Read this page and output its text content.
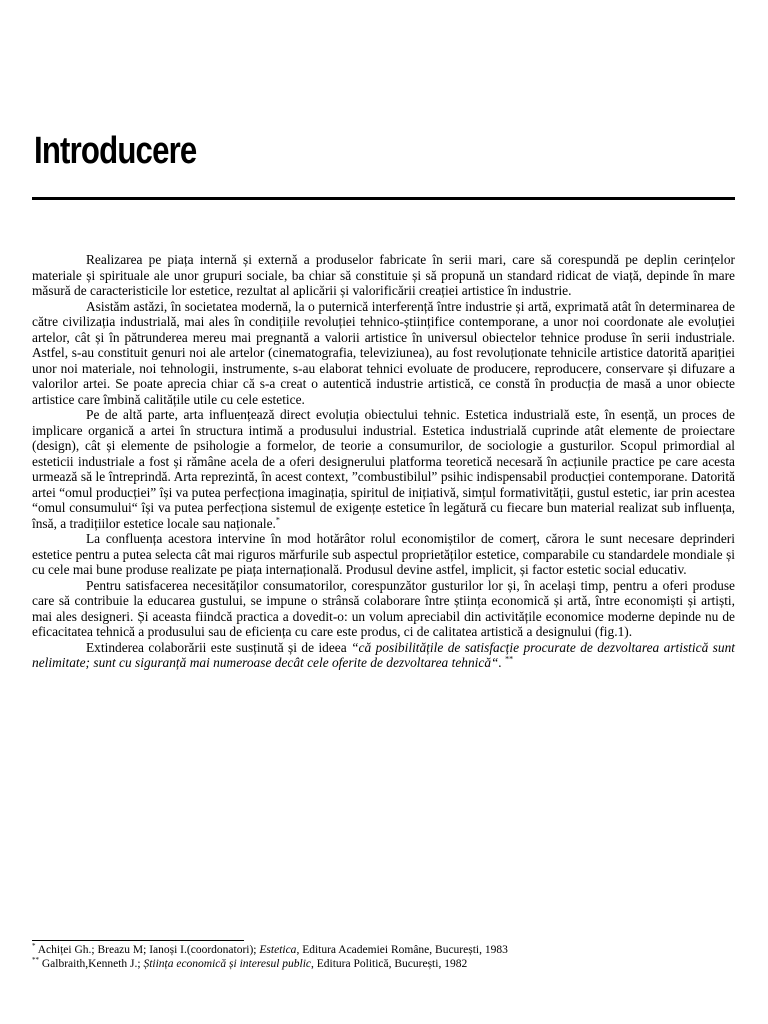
Introducere

Realizarea pe piața internă și externă a produselor fabricate în serii mari, care să corespundă pe deplin cerințelor materiale și spirituale ale unor grupuri sociale, ba chiar să constituie și să propună un standard ridicat de viață, depinde în mare măsură de caracteristicile lor estetice, rezultat al aplicării și valorificării creației artistice în industrie.

Asistăm astăzi, în societatea modernă, la o puternică interferență între industrie și artă, exprimată atât în determinarea de către civilizația industrială, mai ales în condițiile revoluției tehnico-științifice contemporane, a unor noi coordonate ale evoluției artelor, cât și în pătrunderea mereu mai pregnantă a valorii artistice în universul obiectelor tehnice produse în serii industriale. Astfel, s-au constituit genuri noi ale artelor (cinematografia, televiziunea), au fost revoluționate tehnicile artistice datorită apariției unor noi materiale, noi tehnologii, instrumente, s-au elaborat tehnici evoluate de producere, reproducere, conservare și difuzare a valorilor artei. Se poate aprecia chiar că s-a creat o autentică industrie artistică, ce constă în producția de masă a unor obiecte artistice care îmbină calitățile utile cu cele estetice.

Pe de altă parte, arta influențează direct evoluția obiectului tehnic. Estetica industrială este, în esență, un proces de implicare organică a artei în structura intimă a produsului industrial. Estetica industrială cuprinde atât elemente de proiectare (design), cât și elemente de psihologie a formelor, de teorie a consumurilor, de sociologie a gusturilor. Scopul primordial al esteticii industriale a fost și rămâne acela de a oferi designerului platforma teoretică necesară în acțiunile practice pe care acesta urmează să le întreprindă. Arta reprezintă, în acest context, ”combustibilul” psihic indispensabil producției contemporane. Datorită artei “omul producției” își va putea perfecționa imaginația, spiritul de inițiativă, simțul formativității, gustul estetic, iar prin acestea “omul consumului“ își va putea perfecționa sistemul de exigențe estetice în legătură cu fiecare bun material realizat sub influența, însă, a tradițiilor estetice locale sau naționale.*

La confluența acestora intervine în mod hotărâtor rolul economiștilor de comerț, cărora le sunt necesare deprinderi estetice pentru a putea selecta cât mai riguros mărfurile sub aspectul proprietăților estetice, comparabile cu standardele mondiale și cu cele mai bune produse realizate pe piața internațională. Produsul devine astfel, implicit, și factor estetic social educativ.

Pentru satisfacerea necesităților consumatorilor, corespunzător gusturilor lor și, în același timp, pentru a oferi produse care să contribuie la educarea gustului, se impune o strânsă colaborare între știința economică și artă, între economiști și artiști, mai ales designeri. Și aceasta fiindcă practica a dovedit-o: un volum apreciabil din activitățile economice moderne depinde nu de eficacitatea tehnică a produsului sau de eficiența cu care este produs, ci de calitatea artistică a designului (fig.1).

Extinderea colaborării este susținută și de ideea “că posibilitățile de satisfacție procurate de dezvoltarea artistică sunt nelimitate; sunt cu siguranță mai numeroase decât cele oferite de dezvoltarea tehnică“. **

* Achiței Gh.; Breazu M; Ianoși I.(coordonatori); Estetica, Editura Academiei Române, București, 1983

** Galbraith,Kenneth J.; Știința economică și interesul public, Editura Politică, București, 1982
